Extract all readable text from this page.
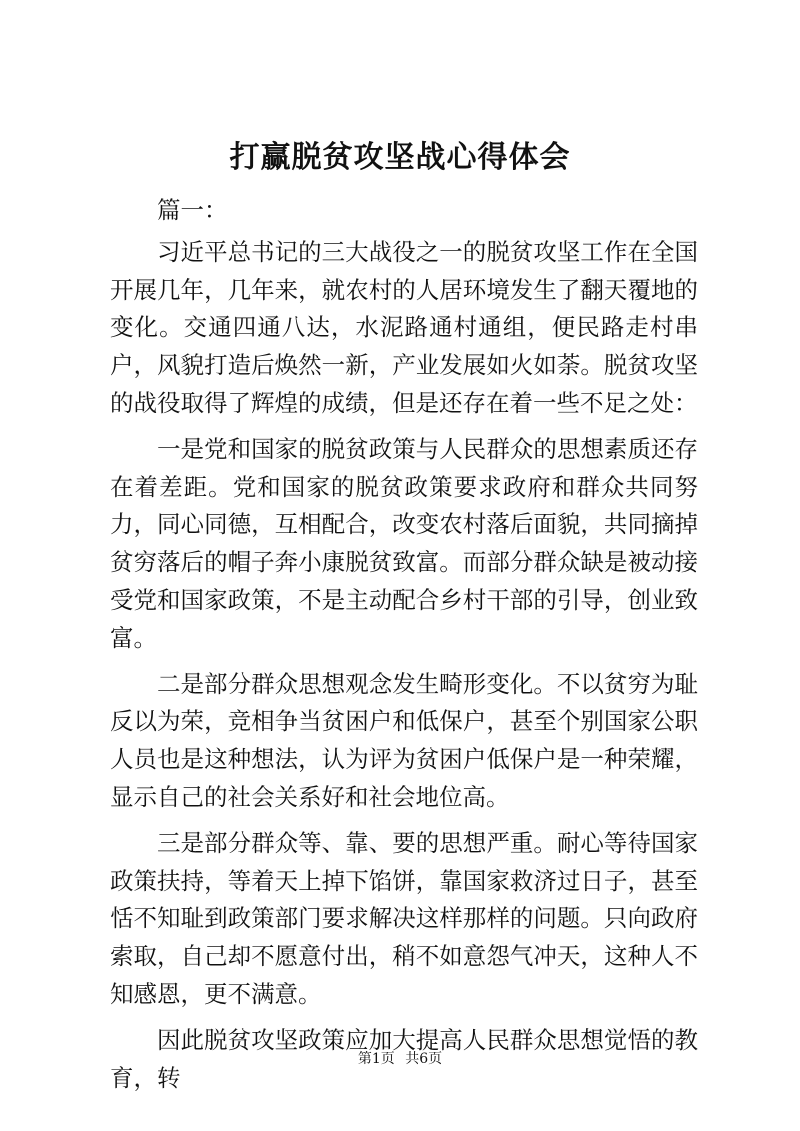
打赢脱贫攻坚战心得体会

篇一：

习近平总书记的三大战役之一的脱贫攻坚工作在全国开展几年，几年来，就农村的人居环境发生了翻天覆地的变化。交通四通八达，水泥路通村通组，便民路走村串户，风貌打造后焕然一新，产业发展如火如荼。脱贫攻坚的战役取得了辉煌的成绩，但是还存在着一些不足之处：

一是党和国家的脱贫政策与人民群众的思想素质还存在着差距。党和国家的脱贫政策要求政府和群众共同努力，同心同德，互相配合，改变农村落后面貌，共同摘掉贫穷落后的帽子奔小康脱贫致富。而部分群众缺是被动接受党和国家政策，不是主动配合乡村干部的引导，创业致富。

二是部分群众思想观念发生畸形变化。不以贫穷为耻反以为荣，竞相争当贫困户和低保户，甚至个别国家公职人员也是这种想法，认为评为贫困户低保户是一种荣耀，显示自己的社会关系好和社会地位高。

三是部分群众等、靠、要的思想严重。耐心等待国家政策扶持，等着天上掉下馅饼，靠国家救济过日子，甚至恬不知耻到政策部门要求解决这样那样的问题。只向政府索取，自己却不愿意付出，稍不如意怨气冲天，这种人不知感恩，更不满意。

因此脱贫攻坚政策应加大提高人民群众思想觉悟的教育，转

第1页 共6页
